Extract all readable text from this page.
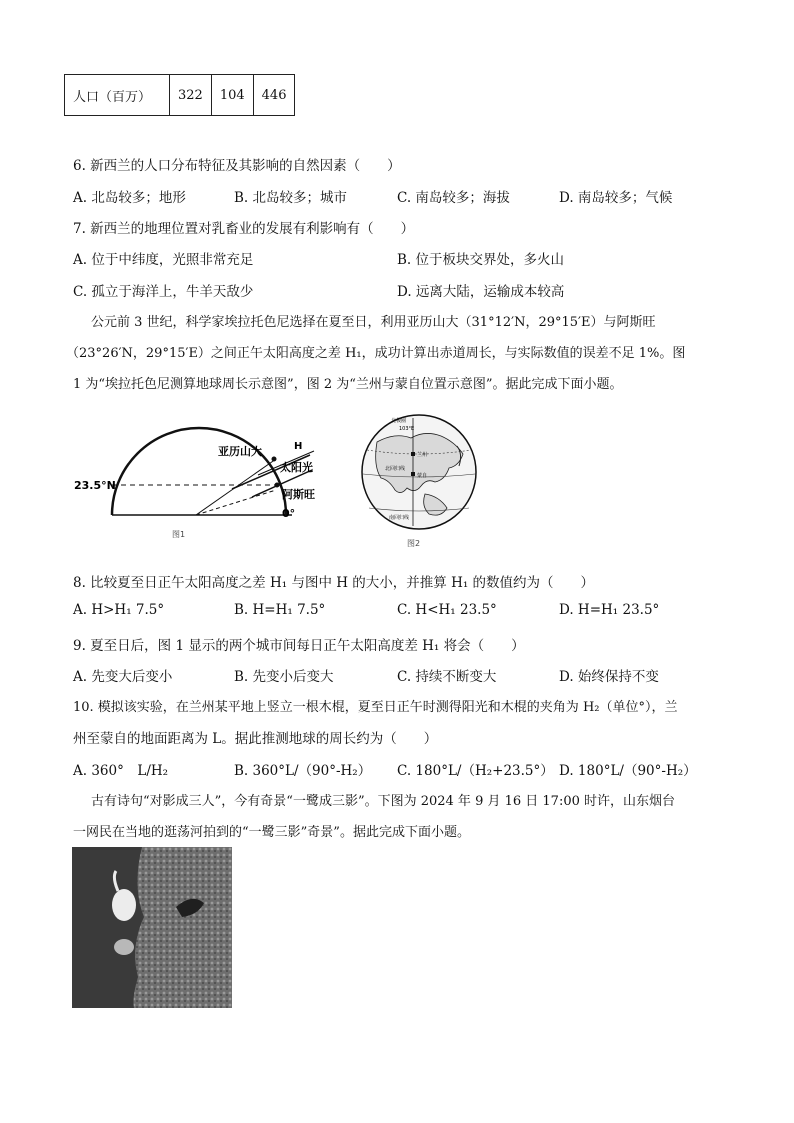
人口（百万）	322	104	446
6. 新西兰的人口分布特征及其影响的自然因素（　　）
A. 北岛较多；地形	B. 北岛较多；城市	C. 南岛较多；海拔	D. 南岛较多；气候
7. 新西兰的地理位置对乳畜业的发展有利影响有（　　）
A. 位于中纬度，光照非常充足	B. 位于板块交界处，多火山
C. 孤立于海洋上，牛羊天敌少	D. 远离大陆，运输成本较高
公元前 3 世纪，科学家埃拉托色尼选择在夏至日，利用亚历山大（31°12′N，29°15′E）与阿斯旺
（23°26′N，29°15′E）之间正午太阳高度之差 H₁，成功计算出赤道周长，与实际数值的误差不足 1%。图
1 为“埃拉托色尼测算地球周长示意图”，图 2 为“兰州与蒙自位置示意图”。据此完成下面小题。
23.5°N
亚历山大	H
太阳光
阿斯旺
0°
图1
103°E
北极圈
兰州
蒙自
北回归线
南回归线
图2
8. 比较夏至日正午太阳高度之差 H₁ 与图中 H 的大小，并推算 H₁ 的数值约为（　　）
A. H>H₁ 7.5°	B. H=H₁ 7.5°	C. H<H₁ 23.5°	D. H=H₁ 23.5°
9. 夏至日后，图 1 显示的两个城市间每日正午太阳高度差 H₁ 将会（　　）
A. 先变大后变小	B. 先变小后变大	C. 持续不断变大	D. 始终保持不变
10. 模拟该实验，在兰州某平地上竖立一根木棍，夏至日正午时测得阳光和木棍的夹角为 H₂（单位°），兰
州至蒙自的地面距离为 L。据此推测地球的周长约为（　　）
A. 360°　L/H₂	B. 360°L/（90°-H₂） C. 180°L/（H₂+23.5°） D. 180°L/（90°-H₂）
古有诗句“对影成三人”，今有奇景“一鹭成三影”。下图为 2024 年 9 月 16 日 17:00 时许，山东烟台
一网民在当地的逛荡河拍到的“一鹭三影”奇景”。据此完成下面小题。
